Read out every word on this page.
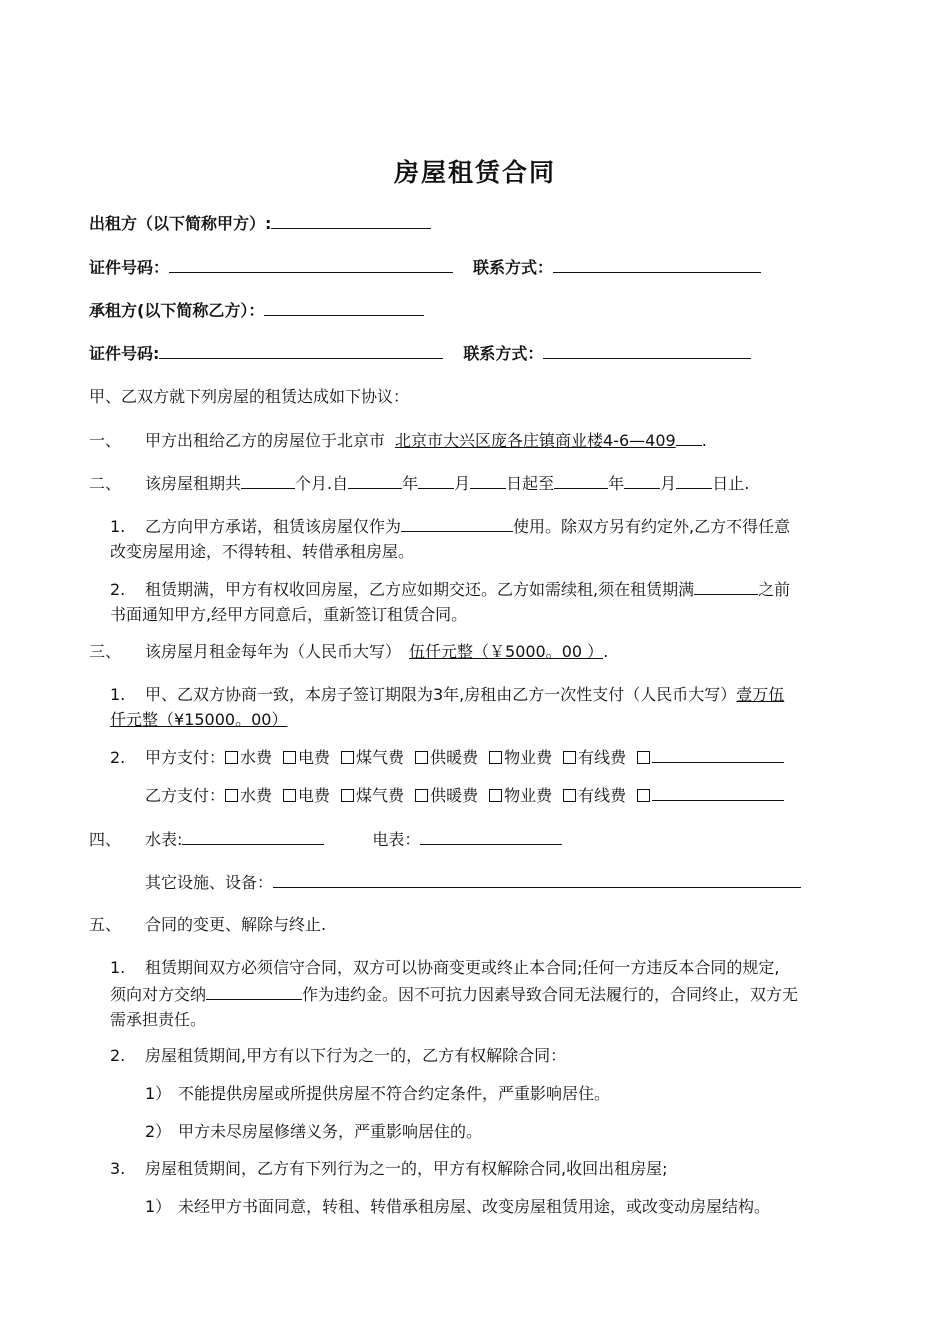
房屋租赁合同
出租方（以下简称甲方）:
证件号码：	联系方式：
承租方(以下简称乙方）：
证件号码:	联系方式：
甲、乙双方就下列房屋的租赁达成如下协议：
一、 甲方出租给乙方的房屋位于北京市 北京市大兴区庞各庄镇商业楼4-6—409 .
二、 该房屋租期共	个月.自	年 月 日起至	年 月 日止.
1. 乙方向甲方承诺，租赁该房屋仅作为	使用。除双方另有约定外,乙方不得任意
改变房屋用途，不得转租、转借承租房屋。
2. 租赁期满，甲方有权收回房屋，乙方应如期交还。乙方如需续租,须在租赁期满	之前
书面通知甲方,经甲方同意后，重新签订租赁合同。
三、 该房屋月租金每年为（人民币大写） 伍仟元整（￥5000。00 ）.
1. 甲、乙双方协商一致，本房子签订期限为3年,房租由乙方一次性支付（人民币大写）壹万伍
仟元整（¥15000。00）
2. 甲方支付： 水费 电费 煤气费 供暖费 物业费 有线费
乙方支付： 水费 电费 煤气费 供暖费 物业费 有线费
四、 水表:	电表：
其它设施、设备：
五、 合同的变更、解除与终止.
1. 租赁期间双方必须信守合同，双方可以协商变更或终止本合同;任何一方违反本合同的规定,
须向对方交纳	作为违约金。因不可抗力因素导致合同无法履行的，合同终止，双方无
需承担责任。
2. 房屋租赁期间,甲方有以下行为之一的，乙方有权解除合同：
1） 不能提供房屋或所提供房屋不符合约定条件，严重影响居住。
2） 甲方未尽房屋修缮义务，严重影响居住的。
3. 房屋租赁期间，乙方有下列行为之一的，甲方有权解除合同,收回出租房屋;
1） 未经甲方书面同意，转租、转借承租房屋、改变房屋租赁用途，或改变动房屋结构。
